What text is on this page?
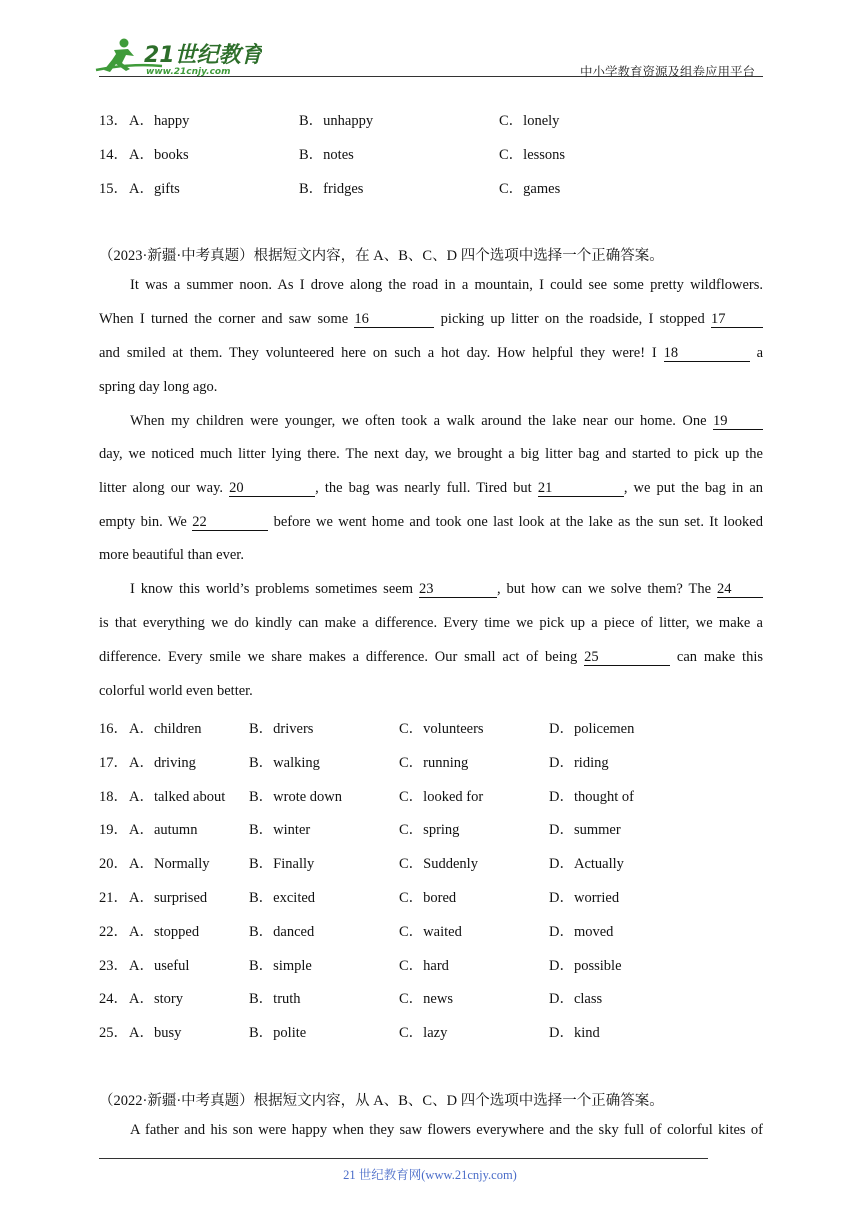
21世纪教育
www.21cnjy.com	中小学教育资源及组卷应用平台
13． A．happy	B．unhappy	C．lonely
14． A．books	B．notes	C．lessons
15． A．gifts	B．fridges	C．games
（2023·新疆·中考真题）根据短文内容，在 A、B、C、D 四个选项中选择一个正确答案。
It was a summer noon. As I drove along the road in a mountain, I could see some pretty wildflowers.
When I turned the corner and saw some 16	picking up litter on the roadside, I stopped 17
and smiled at them. They volunteered here on such a hot day. How helpful they were! I 18	a
spring day long ago.
When my children were younger, we often took a walk around the lake near our home. One 19
day, we noticed much litter lying there. The next day, we brought a big litter bag and started to pick up the
litter along our way. 20	, the bag was nearly full. Tired but 21	, we put the bag in an
empty bin. We 22	before we went home and took one last look at the lake as the sun set. It looked
more beautiful than ever.
I know this world’s problems sometimes seem 23	, but how can we solve them? The 24
is that everything we do kindly can make a difference. Every time we pick up a piece of litter, we make a
difference. Every smile we share makes a difference. Our small act of being 25	can make this
colorful world even better.
16． A．children	B．drivers	C．volunteers	D．policemen
17． A．driving	B．walking	C．running	D．riding
18． A．talked about B．wrote down	C．looked for	D．thought of
19． A．autumn	B．winter	C．spring	D．summer
20． A．Normally	B．Finally	C．Suddenly	D．Actually
21． A．surprised	B．excited	C．bored	D．worried
22． A．stopped	B．danced	C．waited	D．moved
23． A．useful	B．simple	C．hard	D．possible
24． A．story	B．truth	C．news	D．class
25． A．busy	B．polite	C．lazy	D．kind
（2022·新疆·中考真题）根据短文内容，从 A、B、C、D 四个选项中选择一个正确答案。
A father and his son were happy when they saw flowers everywhere and the sky full of colorful kites of
21 世纪教育网(www.21cnjy.com)
